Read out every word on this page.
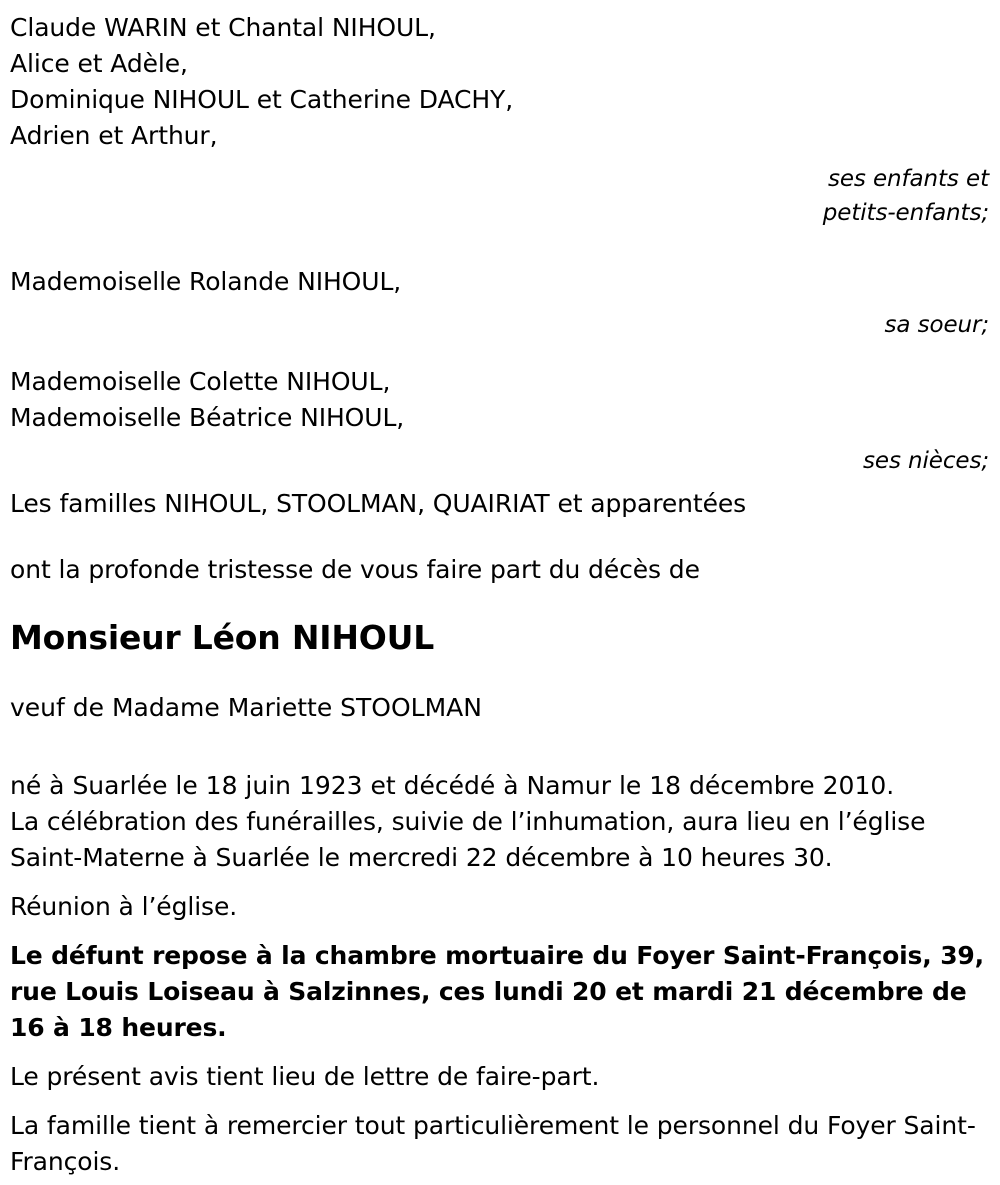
Claude WARIN et Chantal NIHOUL,
Alice et Adèle,
Dominique NIHOUL et Catherine DACHY,
Adrien et Arthur,
ses enfants et
petits-enfants;
Mademoiselle Rolande NIHOUL,
sa soeur;
Mademoiselle Colette NIHOUL,
Mademoiselle Béatrice NIHOUL,
ses nièces;
Les familles NIHOUL, STOOLMAN, QUAIRIAT et apparentées
ont la profonde tristesse de vous faire part du décès de
Monsieur Léon NIHOUL
veuf de Madame Mariette STOOLMAN
né à Suarlée le 18 juin 1923 et décédé à Namur le 18 décembre 2010.
La célébration des funérailles, suivie de l’inhumation, aura lieu en l’église Saint-Materne à Suarlée le mercredi 22 décembre à 10 heures 30.
Réunion à l’église.
Le défunt repose à la chambre mortuaire du Foyer Saint-François, 39, rue Louis Loiseau à Salzinnes, ces lundi 20 et mardi 21 décembre de 16 à 18 heures.
Le présent avis tient lieu de lettre de faire-part.
La famille tient à remercier tout particulièrement le personnel du Foyer Saint-François.
